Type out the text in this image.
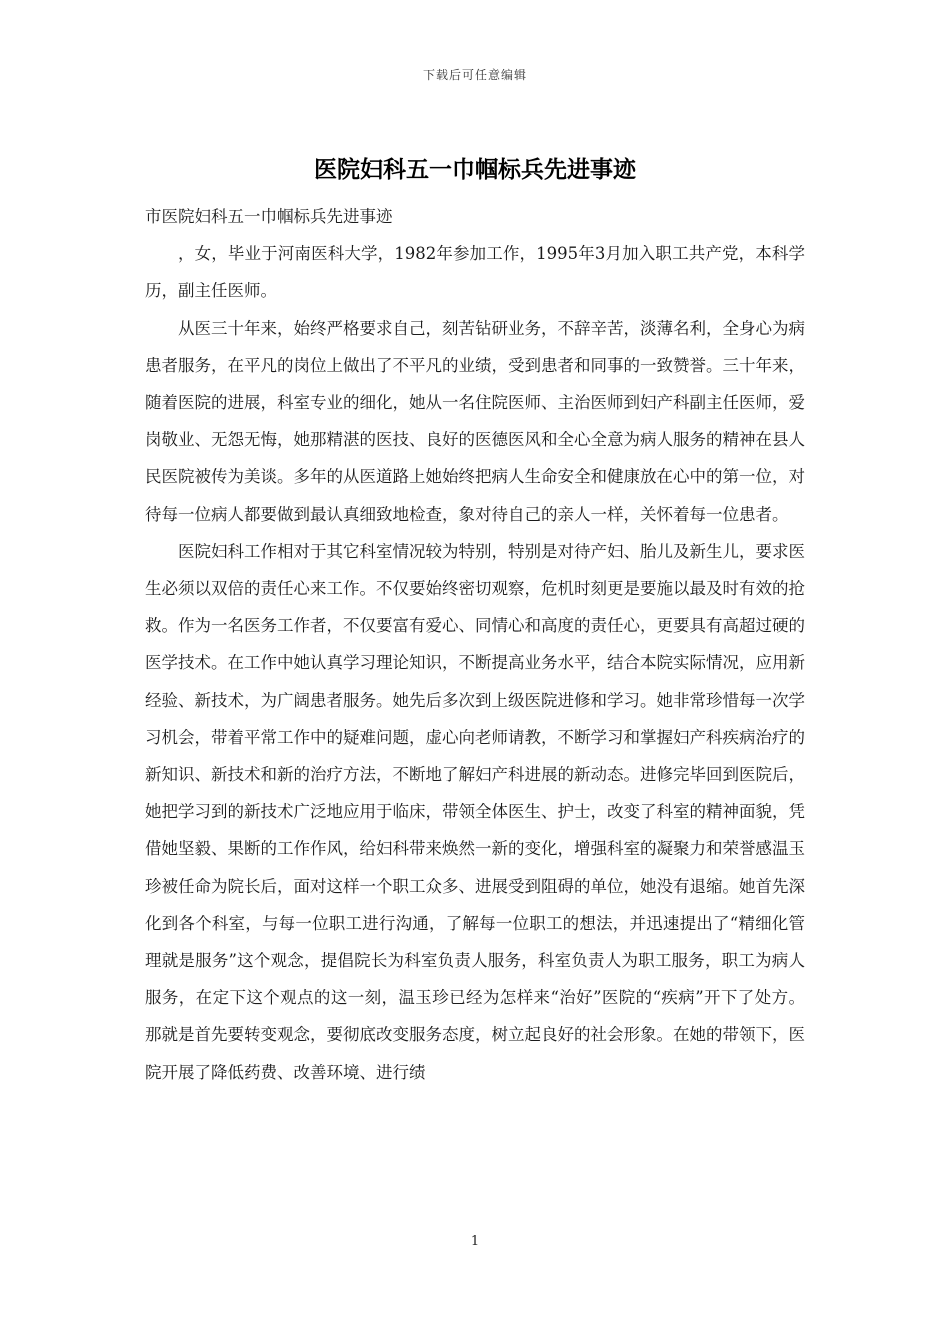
下载后可任意编辑
医院妇科五一巾帼标兵先进事迹

市医院妇科五一巾帼标兵先进事迹

，女，毕业于河南医科大学，1982年参加工作，1995年3月加入职工共产党，本科学历，副主任医师。

从医三十年来，始终严格要求自己，刻苦钻研业务，不辞辛苦，淡薄名利，全身心为病患者服务，在平凡的岗位上做出了不平凡的业绩，受到患者和同事的一致赞誉。三十年来，随着医院的进展，科室专业的细化，她从一名住院医师、主治医师到妇产科副主任医师，爱岗敬业、无怨无悔，她那精湛的医技、良好的医德医风和全心全意为病人服务的精神在县人民医院被传为美谈。多年的从医道路上她始终把病人生命安全和健康放在心中的第一位，对待每一位病人都要做到最认真细致地检查，象对待自己的亲人一样，关怀着每一位患者。

医院妇科工作相对于其它科室情况较为特别，特别是对待产妇、胎儿及新生儿，要求医生必须以双倍的责任心来工作。不仅要始终密切观察，危机时刻更是要施以最及时有效的抢救。作为一名医务工作者，不仅要富有爱心、同情心和高度的责任心，更要具有高超过硬的医学技术。在工作中她认真学习理论知识，不断提高业务水平，结合本院实际情况，应用新经验、新技术，为广阔患者服务。她先后多次到上级医院进修和学习。她非常珍惜每一次学习机会，带着平常工作中的疑难问题，虚心向老师请教，不断学习和掌握妇产科疾病治疗的新知识、新技术和新的治疗方法，不断地了解妇产科进展的新动态。进修完毕回到医院后，她把学习到的新技术广泛地应用于临床，带领全体医生、护士，改变了科室的精神面貌，凭借她坚毅、果断的工作作风，给妇科带来焕然一新的变化，增强科室的凝聚力和荣誉感温玉珍被任命为院长后，面对这样一个职工众多、进展受到阻碍的单位，她没有退缩。她首先深化到各个科室，与每一位职工进行沟通，了解每一位职工的想法，并迅速提出了“精细化管理就是服务”这个观念，提倡院长为科室负责人服务，科室负责人为职工服务，职工为病人服务，在定下这个观点的这一刻，温玉珍已经为怎样来“治好”医院的“疾病”开下了处方。那就是首先要转变观念，要彻底改变服务态度，树立起良好的社会形象。在她的带领下，医院开展了降低药费、改善环境、进行绩

1
